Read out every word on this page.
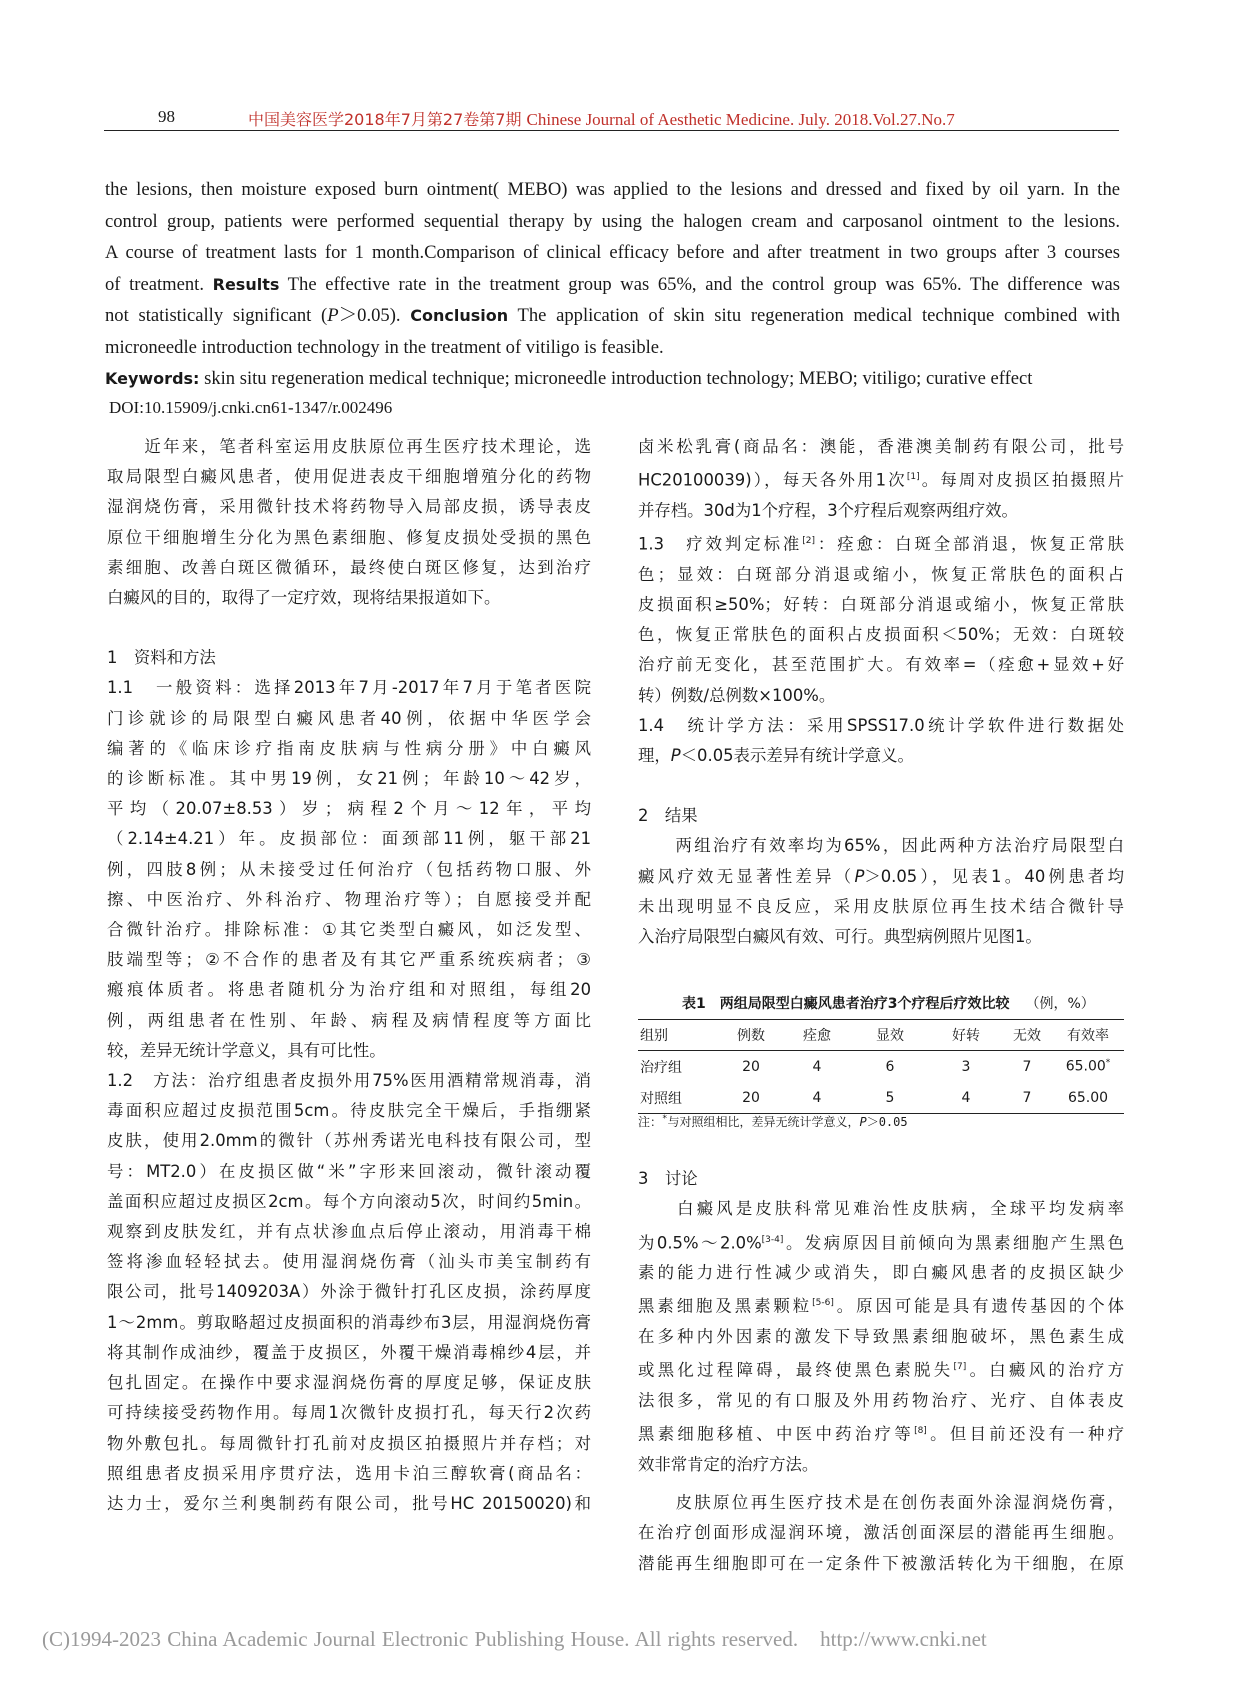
98	中国美容医学2018年7月第27卷第7期 Chinese Journal of Aesthetic Medicine. July. 2018.Vol.27.No.7
the lesions, then moisture exposed burn ointment( MEBO) was applied to the lesions and dressed and fixed by oil yarn. In the
control group, patients were performed sequential therapy by using the halogen cream and carposanol ointment to the lesions.
A course of treatment lasts for 1 month.Comparison of clinical efficacy before and after treatment in two groups after 3 courses
of treatment. Results The effective rate in the treatment group was 65%, and the control group was 65%. The difference was
not statistically significant (P＞0.05). Conclusion The application of skin situ regeneration medical technique combined with
microneedle introduction technology in the treatment of vitiligo is feasible.
Keywords: skin situ regeneration medical technique; microneedle introduction technology; MEBO; vitiligo; curative effect
DOI:10.15909/j.cnki.cn61-1347/r.002496
　　近年来，笔者科室运用皮肤原位再生医疗技术理论，选
取局限型白癜风患者，使用促进表皮干细胞增殖分化的药物
湿润烧伤膏，采用微针技术将药物导入局部皮损，诱导表皮
原位干细胞增生分化为黑色素细胞、修复皮损处受损的黑色
素细胞、改善白斑区微循环，最终使白斑区修复，达到治疗
白癜风的目的，取得了一定疗效，现将结果报道如下。
1　资料和方法
1.1　一般资料：选择2013年7月-2017年7月于笔者医院
门诊就诊的局限型白癜风患者40例，依据中华医学会
编著的《临床诊疗指南皮肤病与性病分册》中白癜风
的诊断标准。其中男19例，女21例；年龄10～42岁，
平均（20.07±8.53）岁；病程2个月～12年，平均
（2.14±4.21）年。皮损部位：面颈部11例，躯干部21
例，四肢8例；从未接受过任何治疗（包括药物口服、外
擦、中医治疗、外科治疗、物理治疗等）；自愿接受并配
合微针治疗。排除标准：①其它类型白癜风，如泛发型、
肢端型等；②不合作的患者及有其它严重系统疾病者；③
瘢痕体质者。将患者随机分为治疗组和对照组，每组20
例，两组患者在性别、年龄、病程及病情程度等方面比
较，差异无统计学意义，具有可比性。
1.2　方法：治疗组患者皮损外用75%医用酒精常规消毒，消
毒面积应超过皮损范围5cm。待皮肤完全干燥后，手指绷紧
皮肤，使用2.0mm的微针（苏州秀诺光电科技有限公司，型
号：MT2.0）在皮损区做“米”字形来回滚动，微针滚动覆
盖面积应超过皮损区2cm。每个方向滚动5次，时间约5min。
观察到皮肤发红，并有点状渗血点后停止滚动，用消毒干棉
签将渗血轻轻拭去。使用湿润烧伤膏（汕头市美宝制药有
限公司，批号1409203A）外涂于微针打孔区皮损，涂药厚度
1～2mm。剪取略超过皮损面积的消毒纱布3层，用湿润烧伤膏
将其制作成油纱，覆盖于皮损区，外覆干燥消毒棉纱4层，并
包扎固定。在操作中要求湿润烧伤膏的厚度足够，保证皮肤
可持续接受药物作用。每周1次微针皮损打孔，每天行2次药
物外敷包扎。每周微针打孔前对皮损区拍摄照片并存档；对
照组患者皮损采用序贯疗法，选用卡泊三醇软膏(商品名：
达力士，爱尔兰利奥制药有限公司，批号HC 20150020)和
卤米松乳膏(商品名：澳能，香港澳美制药有限公司，批号
HC20100039)），每天各外用1次[1]。每周对皮损区拍摄照片
并存档。30d为1个疗程，3个疗程后观察两组疗效。
1.3　疗效判定标准[2]：痊愈：白斑全部消退，恢复正常肤
色；显效：白斑部分消退或缩小，恢复正常肤色的面积占
皮损面积≥50%；好转：白斑部分消退或缩小，恢复正常肤
色，恢复正常肤色的面积占皮损面积＜50%；无效：白斑较
治疗前无变化，甚至范围扩大。有效率=（痊愈+显效+好
转）例数/总例数×100%。
1.4　统计学方法：采用SPSS17.0统计学软件进行数据处
理，P＜0.05表示差异有统计学意义。
2　结果
　　两组治疗有效率均为65%，因此两种方法治疗局限型白
癜风疗效无显著性差异（P＞0.05），见表1。40例患者均
未出现明显不良反应，采用皮肤原位再生技术结合微针导
入治疗局限型白癜风有效、可行。典型病例照片见图1。
3　讨论
　　白癜风是皮肤科常见难治性皮肤病，全球平均发病率
为0.5%～2.0%[3-4]。发病原因目前倾向为黑素细胞产生黑色
素的能力进行性减少或消失，即白癜风患者的皮损区缺少
黑素细胞及黑素颗粒[5-6]。原因可能是具有遗传基因的个体
在多种内外因素的激发下导致黑素细胞破坏，黑色素生成
或黑化过程障碍，最终使黑色素脱失[7]。白癜风的治疗方
法很多，常见的有口服及外用药物治疗、光疗、自体表皮
黑素细胞移植、中医中药治疗等[8]。但目前还没有一种疗
效非常肯定的治疗方法。
　　皮肤原位再生医疗技术是在创伤表面外涂湿润烧伤膏，
在治疗创面形成湿润环境，激活创面深层的潜能再生细胞。
潜能再生细胞即可在一定条件下被激活转化为干细胞，在原
表1　两组局限型白癜风患者治疗3个疗程后疗效比较 （例，%）
组别	例数	痊愈	显效	好转	无效	有效率
治疗组	20	4	6	3	7	65.00*
对照组	20	4	5	4	7	65.00
注：*与对照组相比，差异无统计学意义，P＞0.05
(C)1994-2023 China Academic Journal Electronic Publishing House. All rights reserved. http://www.cnki.net
